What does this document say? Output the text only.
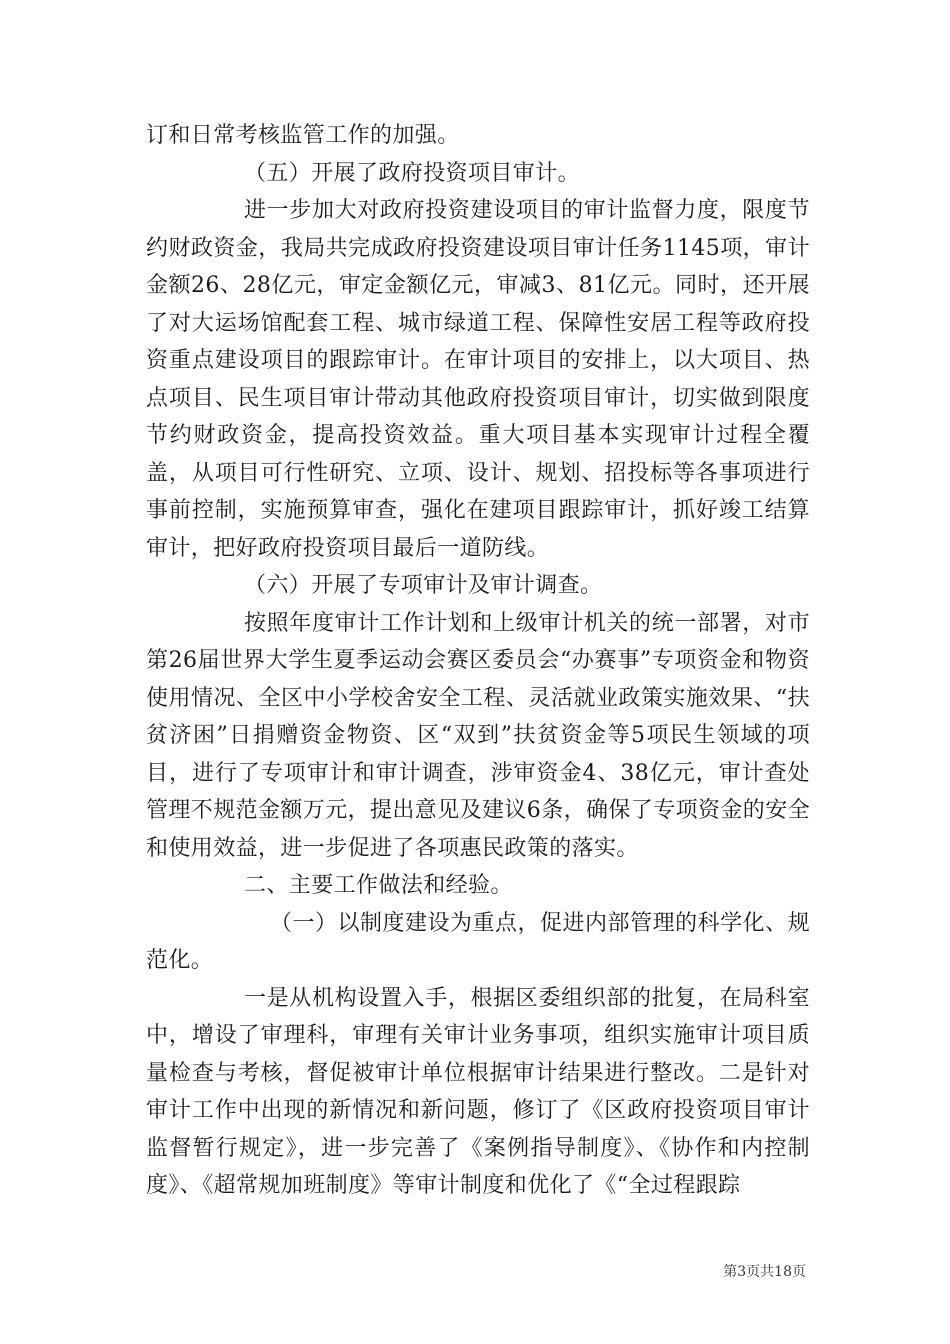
订和日常考核监管工作的加强。

（五）开展了政府投资项目审计。

进一步加大对政府投资建设项目的审计监督力度，限度节约财政资金，我局共完成政府投资建设项目审计任务1145项，审计金额26、28亿元，审定金额亿元，审减3、81亿元。同时，还开展了对大运场馆配套工程、城市绿道工程、保障性安居工程等政府投资重点建设项目的跟踪审计。在审计项目的安排上，以大项目、热点项目、民生项目审计带动其他政府投资项目审计，切实做到限度节约财政资金，提高投资效益。重大项目基本实现审计过程全覆盖，从项目可行性研究、立项、设计、规划、招投标等各事项进行事前控制，实施预算审查，强化在建项目跟踪审计，抓好竣工结算审计，把好政府投资项目最后一道防线。

（六）开展了专项审计及审计调查。

按照年度审计工作计划和上级审计机关的统一部署，对市第26届世界大学生夏季运动会赛区委员会“办赛事”专项资金和物资使用情况、全区中小学校舍安全工程、灵活就业政策实施效果、“扶贫济困”日捐赠资金物资、区“双到”扶贫资金等5项民生领域的项目，进行了专项审计和审计调查，涉审资金4、38亿元，审计查处管理不规范金额万元，提出意见及建议6条，确保了专项资金的安全和使用效益，进一步促进了各项惠民政策的落实。

二、主要工作做法和经验。

（一）以制度建设为重点，促进内部管理的科学化、规范化。

一是从机构设置入手，根据区委组织部的批复，在局科室中，增设了审理科，审理有关审计业务事项，组织实施审计项目质量检查与考核，督促被审计单位根据审计结果进行整改。二是针对审计工作中出现的新情况和新问题，修订了《区政府投资项目审计监督暂行规定》，进一步完善了《案例指导制度》、《协作和内控制度》、《超常规加班制度》等审计制度和优化了《“全过程跟踪

第3页共18页
